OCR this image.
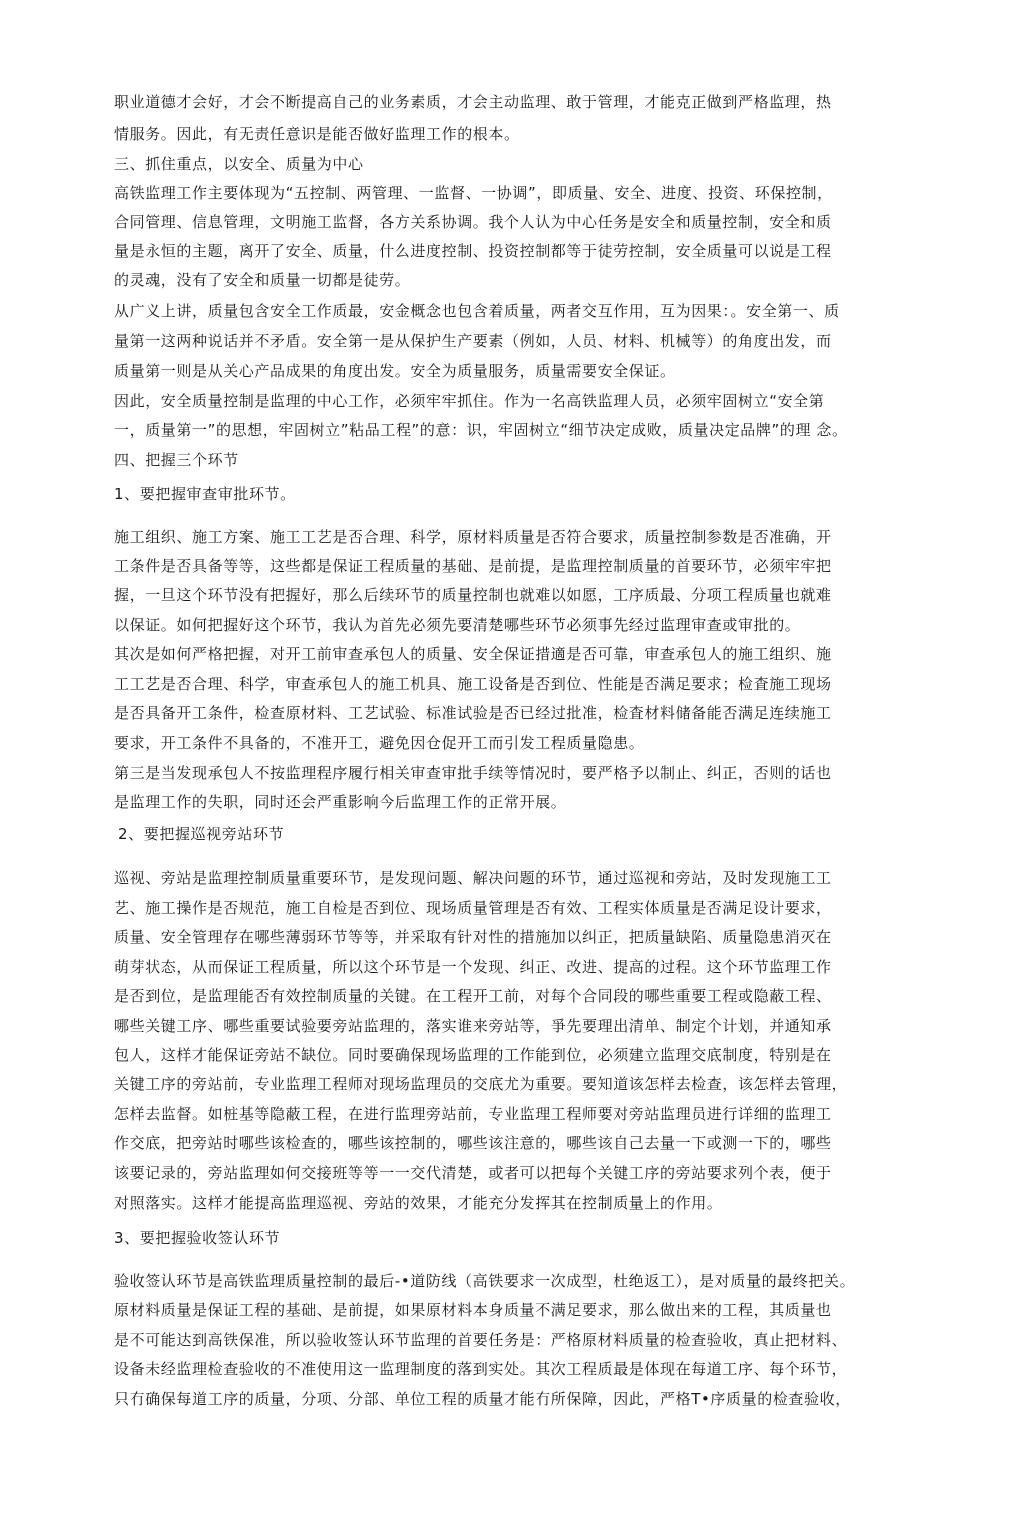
职业道德才会好，才会不断提高自己的业务素质，才会主动监理、敢于管理，才能克正做到严格监理，热
情服务。因此，有无责任意识是能否做好监理工作的根本。
三、抓住重点，以安全、质量为中心
高铁监理工作主要体现为“五控制、两管理、一监督、一协调”，即质量、安全、进度、投资、环保控制，
合同管理、信息管理，文明施工监督，各方关系协调。我个人认为中心任务是安全和质量控制，安全和质
量是永恒的主题，离开了安全、质量，什么进度控制、投资控制都等于徒劳控制，安全质量可以说是工程
的灵魂，没有了安全和质量一切都是徒劳。
从广义上讲，质量包含安全工作质最，安金概念也包含着质量，两者交互作用，互为因果：。安全第一、质
量第一这两种说话并不矛盾。安全第一是从保护生产要素（例如，人员、材料、机械等）的角度出发，而
质量第一则是从关心产品成果的角度出发。安全为质量服务，质量需要安全保证。
因此，安全质量控制是监理的中心工作，必须牢牢抓住。作为一名高铁监理人员，必须牢固树立“安全第
一，质量第一”的思想，牢固树立”粘品工程”的意：识，牢固树立“细节决定成败，质量决定品牌”的理 念。
四、把握三个环节
1、要把握审查审批环节。
施工组织、施工方案、施工工艺是否合理、科学，原材料质量是否符合要求，质量控制参数是否准确，开
工条件是否具备等等，这些都是保证工程质量的基础、是前提，是监理控制质量的首要环节，必须牢牢把
握，一旦这个环节没有把握好，那么后续环节的质量控制也就难以如愿，工序质最、分项工程质量也就难
以保证。如何把握好这个环节，我认为首先必须先要清楚哪些环节必须事先经过监理审查或审批的。
其次是如何严格把握，对开工前审查承包人的质量、安全保证措適是否可靠，审查承包人的施工组织、施
工工艺是否合理、科学，审查承包人的施工机具、施工设备是否到位、性能是否满足要求；检査施工现场
是否具备开工条件，检查原材料、工艺试验、标准试验是否已经过批准，检査材料储备能否满足连续施工
要求，开工条件不具备的，不准开工，避免因仓促开工而引发工程质量隐患。
第三是当发现承包人不按监理程序履行相关审查审批手续等情况时，要严格予以制止、纠正，否则的话也
是监理工作的失职，同时还会严重影响今后监理工作的正常开展。
2、要把握巡视旁站环节
巡视、旁站是监理控制质量重要环节，是发现问题、解决问题的环节，通过巡视和旁站，及时发现施工工
艺、施工操作是否规范，施工自检是否到位、现场质量管理是否有效、工程实体质量是否满足设计要求，
质量、安全管理存在哪些薄弱环节等等，并采取有针对性的措施加以纠正，把质量缺陷、质量隐患消灭在
萌芽状态，从而保证工程质量，所以这个环节是一个发现、纠正、改进、提高的过程。这个环节监理工作
是否到位，是监理能否有效控制质量的关键。在工程开工前，对每个合同段的哪些重要工程或隐蔽工程、
哪些关键工序、哪些重要试验要旁站监理的，落实谁来旁站等，爭先要理出清单、制定个计划，并通知承
包人，这样才能保证旁站不缺位。同时要确保现场监理的工作能到位，必须建立监理交底制度，特别是在
关键工序的旁站前，专业监理工程师对现场监理员的交底尤为重要。要知道该怎样去检查，该怎样去管理，
怎样去监督。如桩基等隐蔽工程，在进行监理旁站前，专业监理工程师要对旁站监理员进行详细的监理工
作交底，把旁站时哪些该检查的，哪些该控制的，哪些该注意的，哪些该自己去量一下或测一下的，哪些
该要记录的，旁站监理如何交接班等等一一交代清楚，或者可以把每个关键工序的旁站要求列个表，便于
对照落实。这样才能提高监理巡视、旁站的效果，才能充分发挥其在控制质量上的作用。
3、要把握验收签认环节
验收签认环节是高铁监理质量控制的最后-•道防线（高铁要求一次成型，杜绝返工），是对质量的最终把关。
原材料质量是保证工程的基础、是前提，如果原材料本身质量不满足要求，那么做出来的工程，其质量也
是不可能达到高铁保准，所以验收签认环节监理的首要任务是：严格原材料质量的检查验收，真止把材料、
设备未经监理检查验收的不准使用这一监理制度的落到实处。其次工程质最是体现在每道工序、每个环节，
只冇确保每道工序的质量，分项、分部、单位工程的质量才能冇所保障，因此，严格T•序质量的检查验收，
